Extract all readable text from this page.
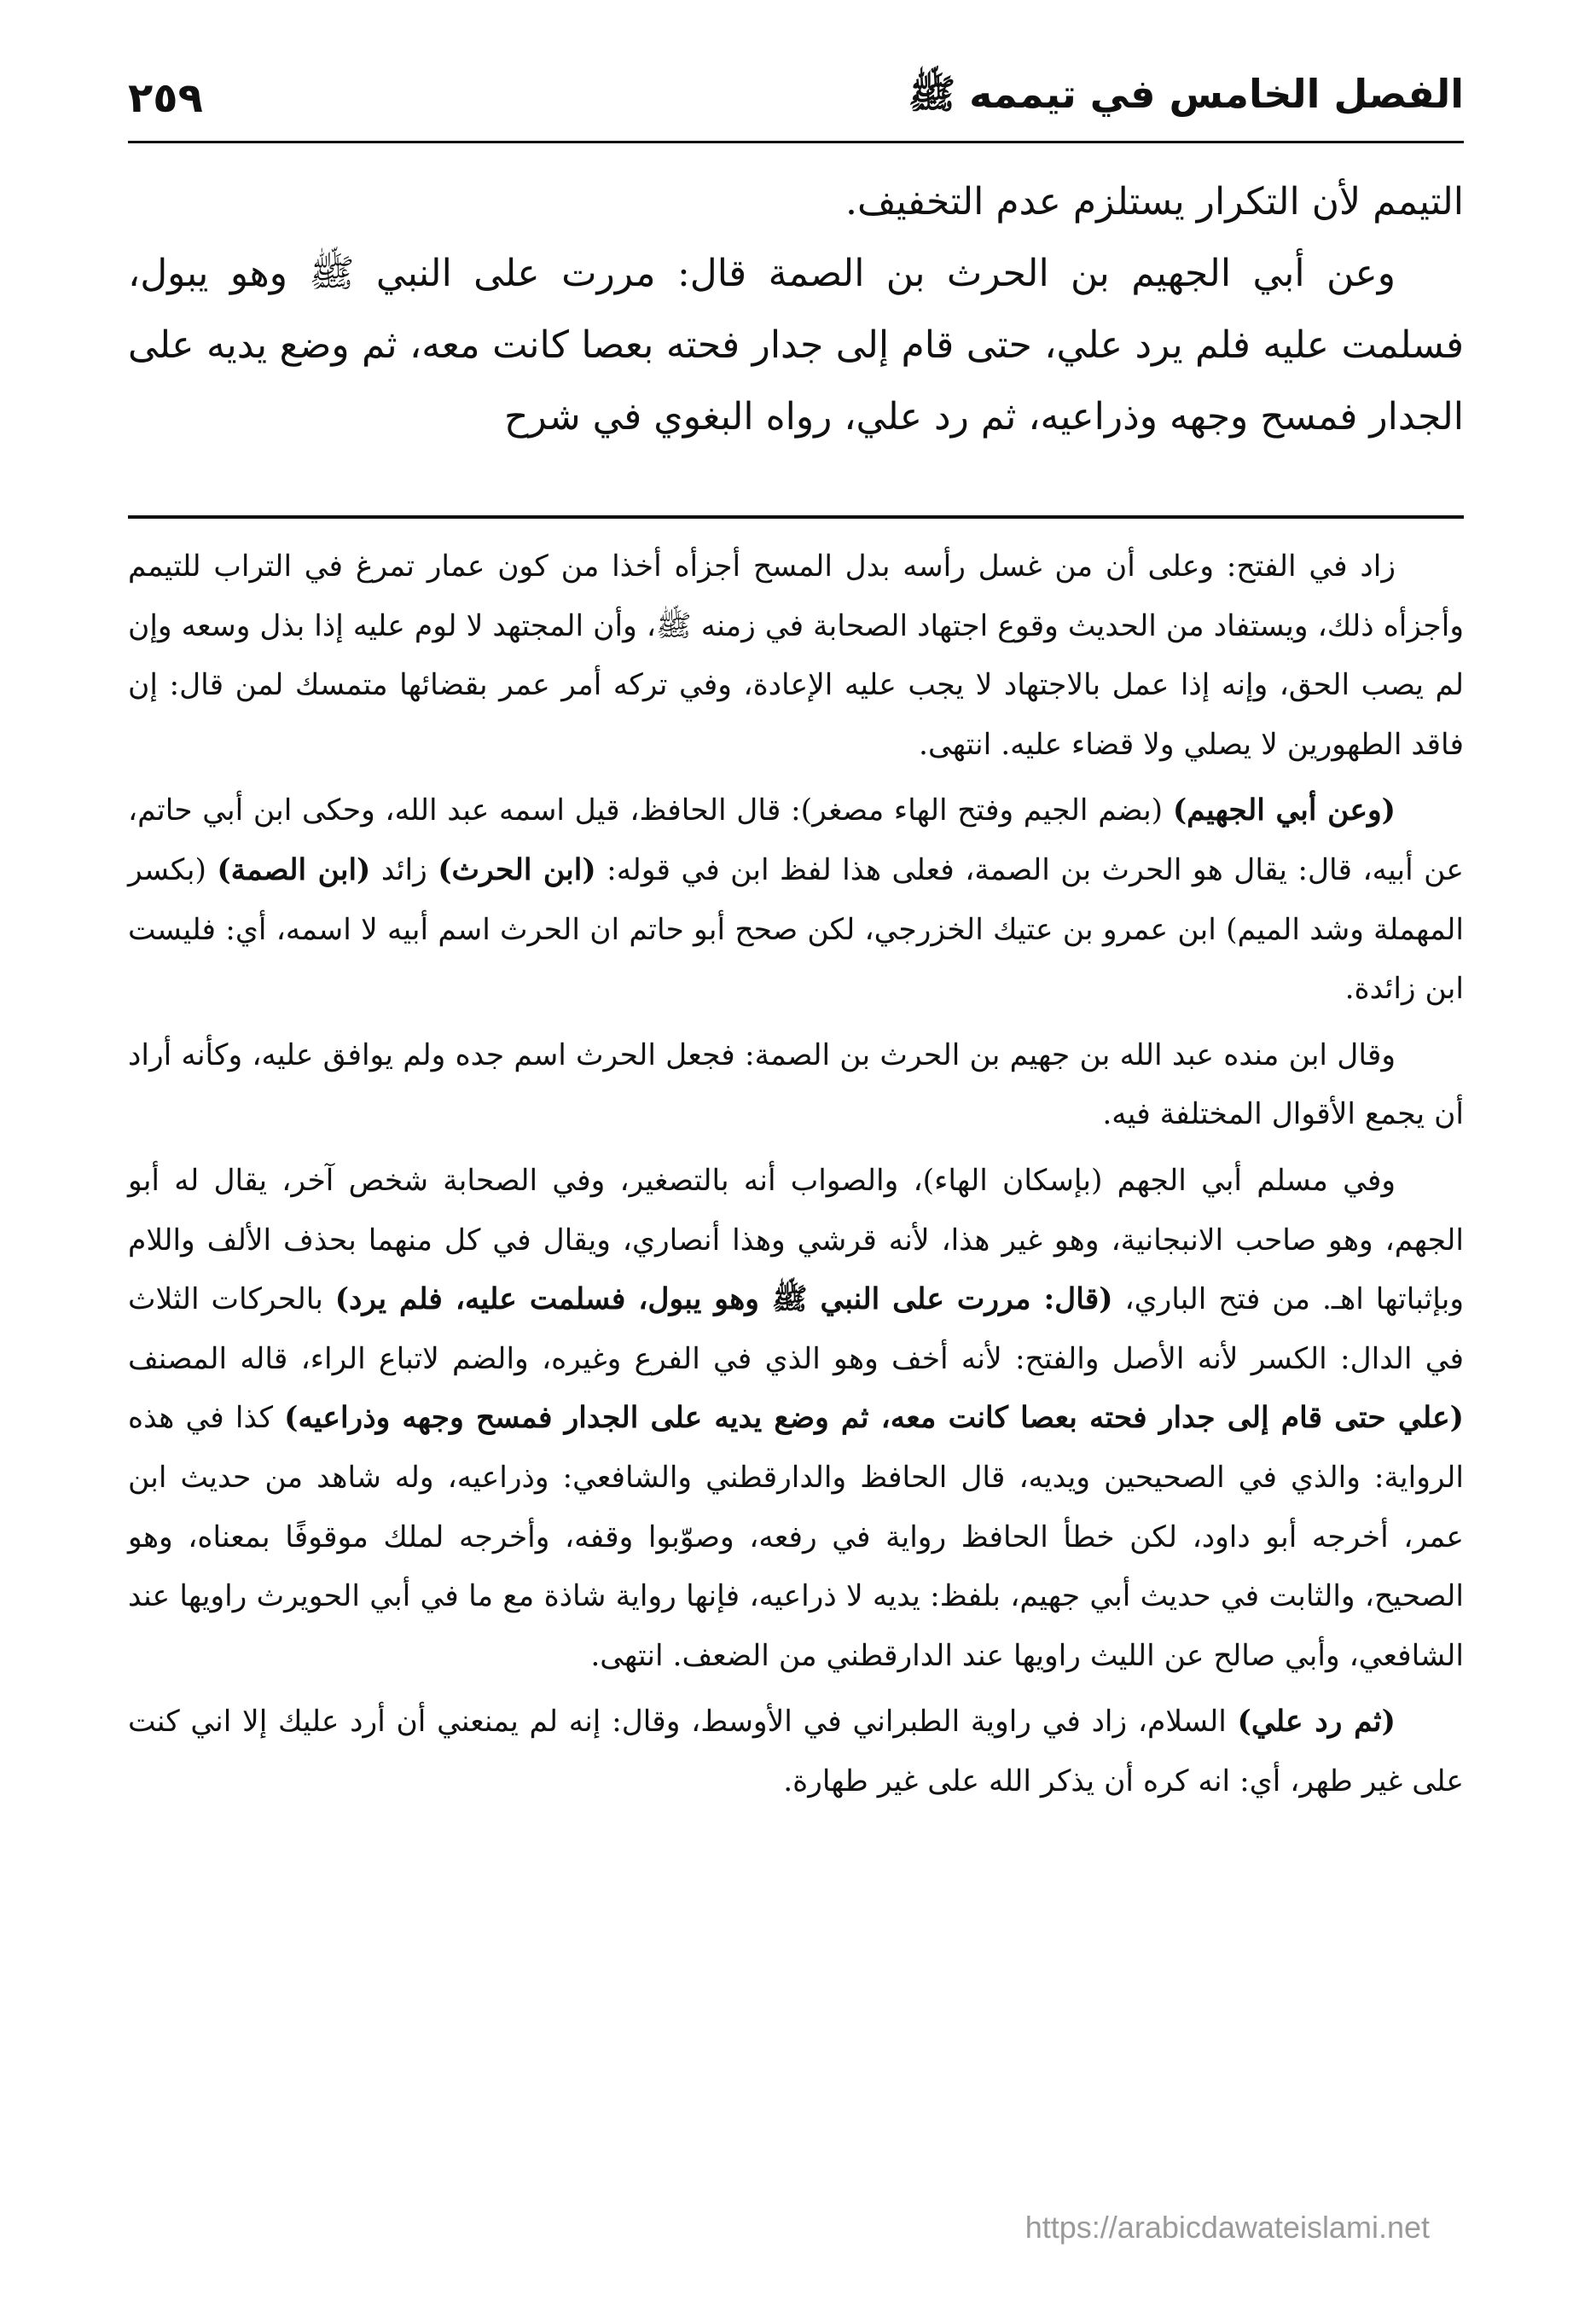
الفصل الخامس في تيممه ﷺ
٢٥٩

التيمم لأن التكرار يستلزم عدم التخفيف.

وعن أبي الجهيم بن الحرث بن الصمة قال: مررت على النبي ﷺ وهو يبول، فسلمت عليه فلم يرد علي، حتى قام إلى جدار فحته بعصا كانت معه، ثم وضع يديه على الجدار فمسح وجهه وذراعيه، ثم رد علي، رواه البغوي في شرح

زاد في الفتح: وعلى أن من غسل رأسه بدل المسح أجزأه أخذا من كون عمار تمرغ في التراب للتيمم وأجزأه ذلك، ويستفاد من الحديث وقوع اجتهاد الصحابة في زمنه ﷺ، وأن المجتهد لا لوم عليه إذا بذل وسعه وإن لم يصب الحق، وإنه إذا عمل بالاجتهاد لا يجب عليه الإعادة، وفي تركه أمر عمر بقضائها متمسك لمن قال: إن فاقد الطهورين لا يصلي ولا قضاء عليه. انتهى.

(وعن أبي الجهيم) (بضم الجيم وفتح الهاء مصغر): قال الحافظ، قيل اسمه عبد الله، وحكى ابن أبي حاتم، عن أبيه، قال: يقال هو الحرث بن الصمة، فعلى هذا لفظ ابن في قوله: (ابن الحرث) زائد (ابن الصمة) (بكسر المهملة وشد الميم) ابن عمرو بن عتيك الخزرجي، لكن صحح أبو حاتم ان الحرث اسم أبيه لا اسمه، أي: فليست ابن زائدة.

وقال ابن منده عبد الله بن جهيم بن الحرث بن الصمة: فجعل الحرث اسم جده ولم يوافق عليه، وكأنه أراد أن يجمع الأقوال المختلفة فيه.

وفي مسلم أبي الجهم (بإسكان الهاء)، والصواب أنه بالتصغير، وفي الصحابة شخص آخر، يقال له أبو الجهم، وهو صاحب الانبجانية، وهو غير هذا، لأنه قرشي وهذا أنصاري، ويقال في كل منهما بحذف الألف واللام وبإثباتها اهـ. من فتح الباري، (قال: مررت على النبي ﷺ وهو يبول، فسلمت عليه، فلم يرد) بالحركات الثلاث في الدال: الكسر لأنه الأصل والفتح: لأنه أخف وهو الذي في الفرع وغيره، والضم لاتباع الراء، قاله المصنف (علي حتى قام إلى جدار فحته بعصا كانت معه، ثم وضع يديه على الجدار فمسح وجهه وذراعيه) كذا في هذه الرواية: والذي في الصحيحين ويديه، قال الحافظ والدارقطني والشافعي: وذراعيه، وله شاهد من حديث ابن عمر، أخرجه أبو داود، لكن خطأ الحافظ رواية في رفعه، وصوّبوا وقفه، وأخرجه لملك موقوفًا بمعناه، وهو الصحيح، والثابت في حديث أبي جهيم، بلفظ: يديه لا ذراعيه، فإنها رواية شاذة مع ما في أبي الحويرث راويها عند الشافعي، وأبي صالح عن الليث راويها عند الدارقطني من الضعف. انتهى.

(ثم رد علي) السلام، زاد في راوية الطبراني في الأوسط، وقال: إنه لم يمنعني أن أرد عليك إلا اني كنت على غير طهر، أي: انه كره أن يذكر الله على غير طهارة.

https://arabicdawateislami.net
